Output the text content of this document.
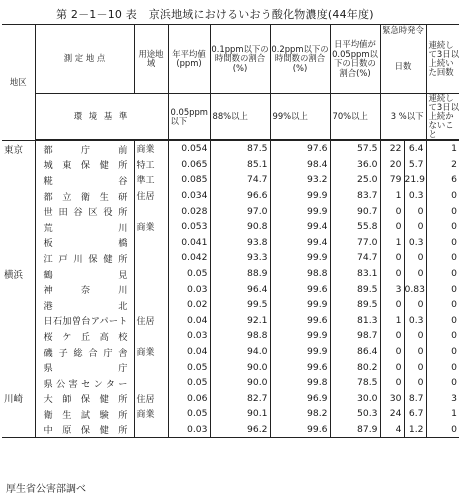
第 2－1－10 表 京浜地域におけるいおう酸化物濃度(44年度)
地区	測 定 地 点	用途地域	年平均値(ppm)	0.1ppm以下の時間数の割合(%)	0.2ppm以下の時間数の割合(%)	日平均値が0.05ppm以下の日数の割合(%)	緊急時発令
日数		連続して3日以上続いた回数
	環 境 基 準		0.05ppm以下	88%以上	99%以上	70%以上	3 %以下		連続して3日以上続かないこと
東京	都庁前	商業	0.054	87.5	97.6	57.5	22	6.4	1
	城東保健所	特工	0.065	85.1	98.4	36.0	20	5.7	2
	糀谷	準工	0.085	74.7	93.2	25.0	79	21.9	6
	都立衛生研	住居	0.034	96.6	99.9	83.7	1	0.3	0
	世田谷区役所		0.028	97.0	99.9	90.7	0	0	0
	荒川	商業	0.053	90.8	99.4	55.8	0	0	0
	板橋		0.041	93.8	99.4	77.0	1	0.3	0
	江戸川保健所		0.042	93.3	99.9	74.7	0	0	0
横浜	鶴見		0.05	88.9	98.8	83.1	0	0	0
	神奈川		0.03	96.4	99.6	89.5	3	0.83	0
	港北		0.02	99.5	99.9	89.5	0	0	0
	日石加曽台アパート	住居	0.04	92.1	99.6	81.3	1	0.3	0
	桜ケ丘高校		0.03	98.8	99.9	98.7	0	0	0
	磯子総合庁舎	商業	0.04	94.0	99.9	86.4	0	0	0
	県庁		0.05	90.0	99.6	80.2	0	0	0
	県公害センター		0.05	90.0	99.8	78.5	0	0	0
川崎	大師保健所	住居	0.06	82.7	96.9	30.0	30	8.7	3
	衛生試験所	商業	0.05	90.1	98.2	50.3	24	6.7	1
	中原保健所		0.03	96.2	99.6	87.9	4	1.2	0
厚生省公害部調べ
